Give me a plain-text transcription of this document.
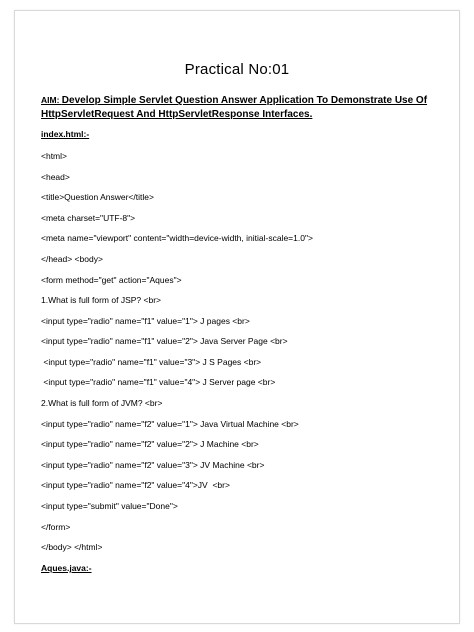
Practical No:01
AIM: Develop Simple Servlet Question Answer Application To Demonstrate Use Of HttpServletRequest And HttpServletResponse Interfaces.
index.html:-
<html>
<head>
<title>Question Answer</title>
<meta charset="UTF-8">
<meta name="viewport" content="width=device-width, initial-scale=1.0">
</head> <body>
<form method="get" action="Aques">
1.What is full form of JSP? <br>
<input type="radio" name="f1" value="1"> J pages <br>
<input type="radio" name="f1" value="2"> Java Server Page <br>
<input type="radio" name="f1" value="3"> J S Pages <br>
<input type="radio" name="f1" value="4"> J Server page <br>
2.What is full form of JVM? <br>
<input type="radio" name="f2" value="1"> Java Virtual Machine <br>
<input type="radio" name="f2" value="2"> J Machine <br>
<input type="radio" name="f2" value="3"> JV Machine <br>
<input type="radio" name="f2" value="4">JV  <br>
<input type="submit" value="Done">
</form>
</body> </html>
Aques.java:-
